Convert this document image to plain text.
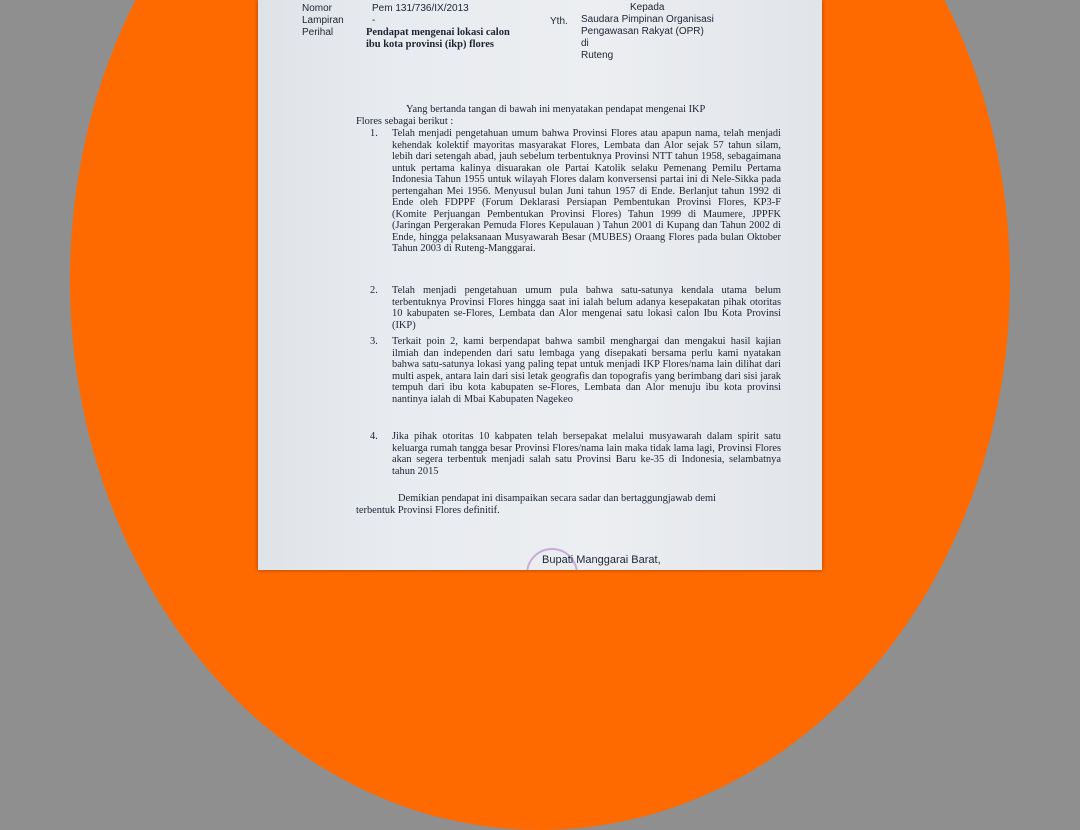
Nomor	Pem 131/736/IX/2013
Lampiran	-
Perihal	Pendapat mengenai lokasi calon
ibu kota provinsi (ikp) flores
Kepada
Yth. Saudara Pimpinan Organisasi
Pengawasan Rakyat (OPR)
di
Ruteng
Yang bertanda tangan di bawah ini menyatakan pendapat mengenai IKP
Flores sebagai berikut :
1. Telah menjadi pengetahuan umum bahwa Provinsi Flores atau apapun nama, telah menjadi kehendak kolektif mayoritas masyarakat Flores, Lembata dan Alor sejak 57 tahun silam, lebih dari setengah abad, jauh sebelum terbentuknya Provinsi NTT tahun 1958, sebagaimana untuk pertama kalinya disuarakan ole Partai Katolik selaku Pemenang Pemilu Pertama Indonesia Tahun 1955 untuk wilayah Flores dalam konversensi partai ini di Nele-Sikka pada pertengahan Mei 1956. Menyusul bulan Juni tahun 1957 di Ende. Berlanjut tahun 1992 di Ende oleh FDPPF (Forum Deklarasi Persiapan Pembentukan Provinsi Flores, KP3-F (Komite Perjuangan Pembentukan Provinsi Flores) Tahun 1999 di Maumere, JPPFK (Jaringan Pergerakan Pemuda Flores Kepulauan ) Tahun 2001 di Kupang dan Tahun 2002 di Ende, hingga pelaksanaan Musyawarah Besar (MUBES) Oraang Flores pada bulan Oktober Tahun 2003 di Ruteng-Manggarai.
2. Telah menjadi pengetahuan umum pula bahwa satu-satunya kendala utama belum terbentuknya Provinsi Flores hingga saat ini ialah belum adanya kesepakatan pihak otoritas 10 kabupaten se-Flores, Lembata dan Alor mengenai satu lokasi calon Ibu Kota Provinsi (IKP)
3. Terkait poin 2, kami berpendapat bahwa sambil menghargai dan mengakui hasil kajian ilmiah dan independen dari satu lembaga yang disepakati bersama perlu kami nyatakan bahwa satu-satunya lokasi yang paling tepat untuk menjadi IKP Flores/nama lain dilihat dari multi aspek, antara lain dari sisi letak geografis dan topografis yang berimbang dari sisi jarak tempuh dari ibu kota kabupaten se-Flores, Lembata dan Alor menuju ibu kota provinsi nantinya ialah di Mbai Kabupaten Nagekeo
4. Jika pihak otoritas 10 kabpaten telah bersepakat melalui musyawarah dalam spirit satu keluarga rumah tangga besar Provinsi Flores/nama lain maka tidak lama lagi, Provinsi Flores akan segera terbentuk menjadi salah satu Provinsi Baru ke-35 di Indonesia, selambatnya tahun 2015
Demikian pendapat ini disampaikan secara sadar dan bertaggungjawab demi
terbentuk Provinsi Flores definitif.
Bupati Manggarai Barat,
